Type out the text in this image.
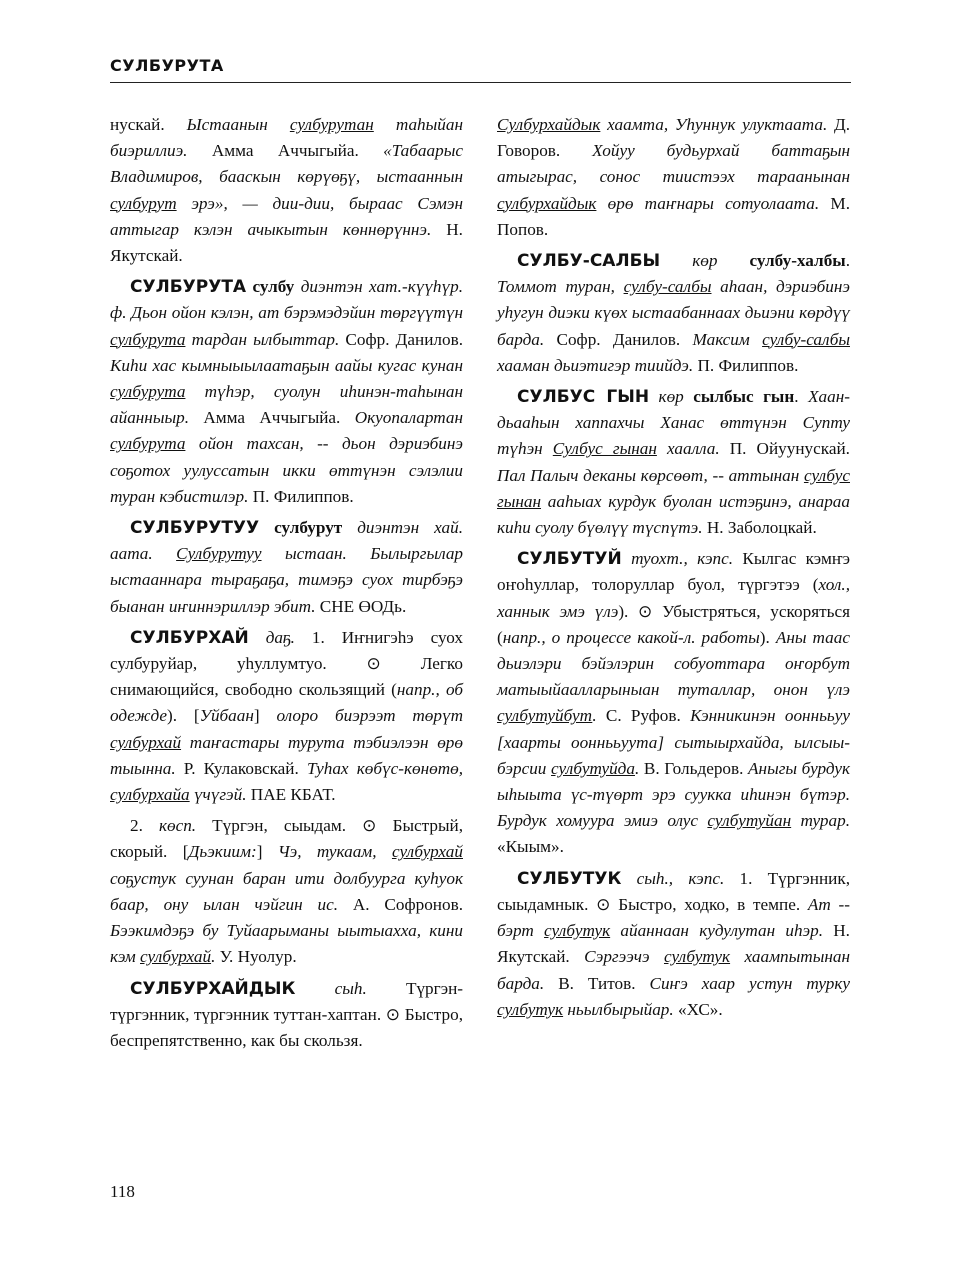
СУЛБУРУТА

нускай. Ыстаанын сулбурутан таhыйан биэриллиэ. Амма Аччыгыйа. «Табаарыс Владимиров, бааскын көрүөҕү, ыстааннын сулбурут эрэ», — дии-дии, быраас Сэмэн аттыгар кэлэн ачыкытын көннөрүннэ. Н. Якутскай.

СУЛБУРУТА сулбу диэнтэн хат.-күүһүр. ф. Дьон ойон кэлэн, ат бэрэмэдэйин төргүүтүн сулбурута тардан ылбыттар. Софр. Данилов. Киһи хас кымныыылаатаҕын аайы кугас кунан сулбурута түһэр, суолун иhинэн-таhынан айанныыр. Амма Аччыгыйа. Окуопалартан сулбурута ойон тахсан, -- дьон дэриэбинэ соҕотох уулуссатын икки өттүнэн сэлэлии туран кэбистилэр. П. Филиппов.

СУЛБУРУТУУ сулбурут диэнтэн хай. аата. Сулбурутуу ыстаан. Былыргылар ыстааннара тыраҕаҕа, тимэҕэ суох тирбэҕэ быанан иҥиннэриллэр эбит. СНЕ ӨОДь.

СУЛБУРХАЙ даҕ. 1. Иҥнигэһэ суох сулбуруйар, уһуллумтуо. ⊙ Легко снимающийся, свободно скользящий (напр., об одежде). [Уйбаан] олоро биэрээт төрүт сулбурхай таҥастары турута тэбиэлээн өрө тыынна. Р. Кулаковскай. Туһах көбүс-көнөтө, сулбурхайа үчүгэй. ПАЕ КБАТ.

2. көсп. Түргэн, сыыдам. ⊙ Быстрый, скорый. [Дьэкиим:] Чэ, тукаам, сулбурхай соҕустук суунан баран ити долбуурга куһуок баар, ону ылан чэйгин ис. А. Софронов. Бээкимдэҕэ бу Туйаарыманы ыытыахха, кини кэм сулбурхай. У. Нуолур.

СУЛБУРХАЙДЫК сыһ. Түргэн-түргэнник, түргэнник туттан-хаптан. ⊙ Быстро, беспрепятственно, как бы скользя.

Сулбурхайдык хаамта, Уһуннук улуктаата. Д. Говоров. Хойуу будьурхай баттаҕын атыгырас, сонос тиистээх тараанынан сулбурхайдык өрө таҥнары сотуолаата. М. Попов.

СУЛБУ-САЛБЫ көр сулбу-халбы. Томмот туран, сулбу-салбы аһаан, дэриэбинэ уһугун диэки күөх ыстаабаннаах дьиэни көрдүү барда. Софр. Данилов. Максим сулбу-салбы хааман дьиэтигэр тиийдэ. П. Филиппов.

СУЛБУС ГЫН көр сылбыс гын. Хаан-дьааһын хаппахчы Ханас өттүнэн Супту түһэн Сулбус гынан хаалла. П. Ойуунускай. Пал Палыч деканы көрсөөт, -- аттынан сулбус гынан ааһыах курдук буолан истэҕинэ, анараа киһи суолу бүөлүү түспүтэ. Н. Заболоцкай.

СУЛБУТУЙ туохт., кэпс. Кылгас кэмҥэ оҥоһуллар, толоруллар буол, түргэтээ (хол., ханнык эмэ үлэ). ⊙ Убыстряться, ускоряться (напр., о процессе какой-л. работы). Аны таас дьиэлэри бэйэлэрин собуоттара оҥорбут матыыйаалларыныан туталлар, онон үлэ сулбутуйбут. С. Руфов. Кэнникинэн ооннььуу [хаарты ооннььуута] сытыырхайда, ылсыы-бэрсии сулбутуйда. В. Гольдеров. Аныгы бурдук ыһыыта үс-түөрт эрэ суукка иһинэн бүтэр. Бурдук хомуура эмиэ олус сулбутуйан турар. «Кыым».

СУЛБУТУК сыһ., кэпс. 1. Түргэнник, сыыдамнык. ⊙ Быстро, ходко, в темпе. Ат -- бэрт сулбутук айаннаан кудулутан иһэр. Н. Якутскай. Сэргээчэ сулбутук хаампытынан барда. В. Титов. Сиҥэ хаар устун турку сулбутук ньылбырыйар. «ХС».

118
